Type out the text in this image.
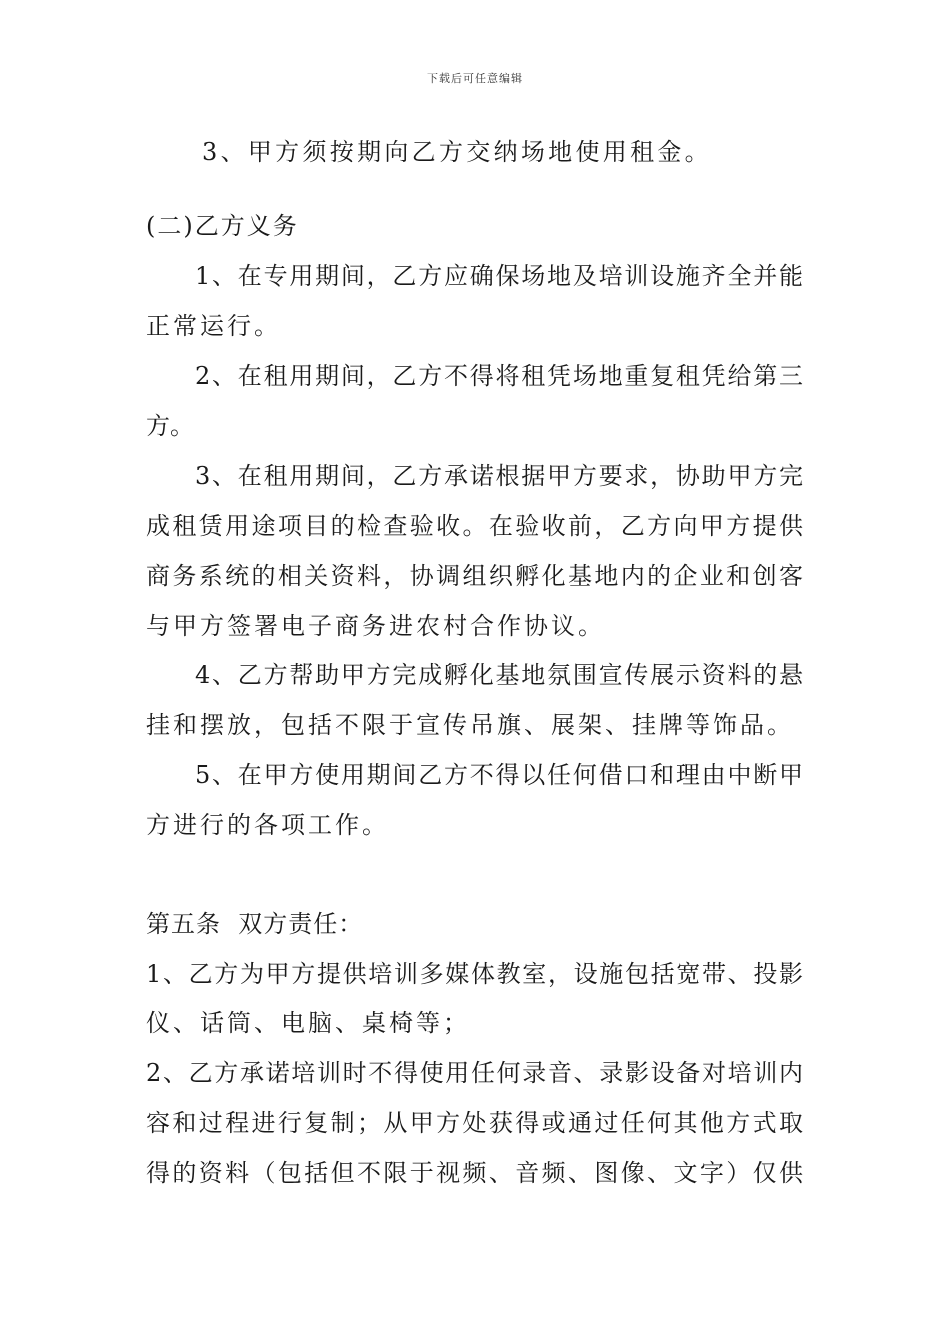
下载后可任意编辑
3、甲方须按期向乙方交纳场地使用租金。
(二)乙方义务
1、在专用期间，乙方应确保场地及培训设施齐全并能
正常运行。
2、在租用期间，乙方不得将租凭场地重复租凭给第三
方。
3、在租用期间，乙方承诺根据甲方要求，协助甲方完
成租赁用途项目的检查验收。在验收前，乙方向甲方提供
商务系统的相关资料，协调组织孵化基地内的企业和创客
与甲方签署电子商务进农村合作协议。
4、乙方帮助甲方完成孵化基地氛围宣传展示资料的悬
挂和摆放，包括不限于宣传吊旗、展架、挂牌等饰品。
5、在甲方使用期间乙方不得以任何借口和理由中断甲
方进行的各项工作。
第五条  双方责任：
1、乙方为甲方提供培训多媒体教室，设施包括宽带、投影
仪、话筒、电脑、桌椅等；
2、乙方承诺培训时不得使用任何录音、录影设备对培训内
容和过程进行复制；从甲方处获得或通过任何其他方式取
得的资料（包括但不限于视频、音频、图像、文字）仅供
